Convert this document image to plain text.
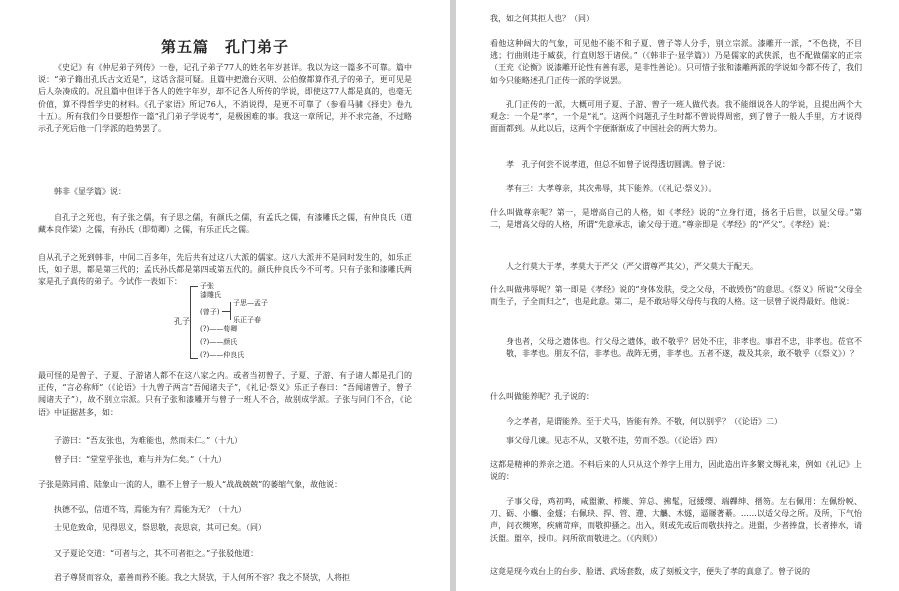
第五篇　孔门弟子
《史记》有《仲尼弟子列传》一卷，记孔子弟子77人的姓名年岁甚详。我以为这一篇多不可靠。篇中说：“弟子籍出孔氏古文近是”，这话含混可疑。且篇中把澹台灭明、公伯僚都算作孔子的弟子，更可见是后人杂凑成的。况且篇中但详于各人的姓字年岁，却不记各人所传的学说，即使这77人都是真的，也毫无价值，算不得哲学史的材料。《孔子家语》所记76人，不消说得，是更不可靠了（参看马骕《择史》卷九十五）。所有我们今日要想作一篇“孔门弟子学说考”，是极困难的事。我这一章所记，并不求完备，不过略示孔子死后他一门学派的趋势罢了。
韩非《显学篇》说：
自孔子之死也，有子张之儒，有子思之儒，有颜氏之儒，有孟氏之儒，有漆雕氏之儒，有仲良氏（道藏本良作梁）之儒，有孙氏（即荀卿）之儒，有乐正氏之儒。
自从孔子之死到韩非，中间二百多年，先后共有过这八大派的儒家。这八大派并不是同时发生的，如乐正氏，如子思，都是第三代的；孟氏孙氏都是第四或第五代的。颜氏仲良氏今不可考。只有子张和漆雕氏两家是孔子真传的弟子。今试作一表如下：
孔子
子张
漆雕氏
(曾子)
子思—孟子
乐正子春
(?)——荀卿
(?)——颜氏
(?)——仲良氏
最可怪的是曾子、子夏、子游诸人都不在这八家之内。或者当初曾子、子夏、子游、有子诸人都是孔门的正传，“言必称师”（《论语》十九曾子两言“吾闻诸夫子”，《礼记·祭义》乐正子春曰：“吾闻诸曾子，曾子闻诸夫子”），故不别立宗派。只有子张和漆雕开与曾子一班人不合，故别成学派。子张与同门不合，《论语》中证据甚多，如：
子游曰：“吾友张也，为难能也，然而未仁。”（十九）
曾子曰：“堂堂乎张也，难与并为仁矣。”（十九）
子张是陈同甫、陆象山一流的人，瞧不上曾子一般人“战战兢兢”的萎缩气象，故他说：
执德不弘，信道不笃，焉能为有？焉能为无？（十九）
士见危致命，见得思义，祭思敬，丧思哀，其可已矣。（同）
又子夏论交道：“可者与之，其不可者拒之。”子张驳他道：
君子尊贤而容众，嘉善而矜不能。我之大贤欤，于人何所不容？我之不贤欤，人将拒
我，如之何其拒人也？（同）
看他这种阔大的气象，可见他不能不和子夏、曾子等人分手，别立宗派。漆雕开一派，“不色挠，不目逃；行曲则违于臧获，行直则怒于诸侯。”（《韩非子·显学篇》）乃是儒家的武侠派，也不配做儒家的正宗（王充《论衡》说漆雕开论性有善有恶，是非性善论）。只可惜子张和漆雕两派的学说如今都不传了，我们如今只能略述孔门正传一派的学说罢。
孔门正传的一派，大概可用子夏、子游、曾子一班人做代表。我不能细说各人的学说，且提出两个大观念：一个是“孝”，一个是“礼”。这两个问题孔子生时都不曾说得周密，到了曾子一般人手里，方才说得面面都到。从此以后，这两个字便渐渐成了中国社会的两大势力。
孝　孔子何尝不说孝道，但总不如曾子说得透切圆满。曾子说：
孝有三：大孝尊亲，其次弗辱，其下能养。（《礼记·祭义》）。
什么叫做尊亲呢？第一，是增高自己的人格，如《孝经》说的“立身行道，扬名于后世，以显父母。”第二，是增高父母的人格，所谓“先意承志，谕父母于道。”尊亲即是《孝经》的“严父”。《孝经》说：
人之行莫大于孝，孝莫大于严父（严父谓尊严其父），严父莫大于配天。
什么叫做弗辱呢？第一即是《孝经》说的“身体发肤，受之父母，不敢毁伤”的意思。《祭义》所说“父母全而生子，子全而归之”，也是此意。第二，是不敢玷辱父母传与我的人格。这一层曾子说得最好。他说：
身也者，父母之遗体也。行父母之遗体，敢不敬乎？居处不庄，非孝也。事君不忠，非孝也。莅官不敬，非孝也。朋友不信，非孝也。战阵无勇，非孝也。五者不遂，裁及其亲，敢不敬乎（《祭义》）？
什么叫做能养呢？孔子说的：
今之孝者，是谓能养。至于犬马，皆能有养。不敬，何以别乎？（《论语》二）
事父母几谏。见志不从，又敬不违，劳而不怨。（《论语》四）
这都是精神的养亲之道。不料后来的人只从这个养字上用力，因此造出许多繁文缛礼来，例如《礼记》上说的：
子事父母，鸡初鸣，咸盥漱、栉縰、笄总、拂髦，冠緌缨、端韠绅、搢笏。左右佩用：左佩纷帨、刀、砺、小觿、金燧；右佩玦、捍、管、遰、大觿、木燧，逼屦著綦。……以适父母之所。及所，下气怡声，问衣燠寒，疾痛苛痒，而敬抑搔之。出入，则或先或后而敬扶持之。进盥，少者捧盘，长者捧水，请沃盥。盥卒，授巾。问所欲而敬进之。（《内则》）
这竟是现今戏台上的台步、脸谱、武场套数，成了刻板文字，便失了孝的真意了。曾子说的
